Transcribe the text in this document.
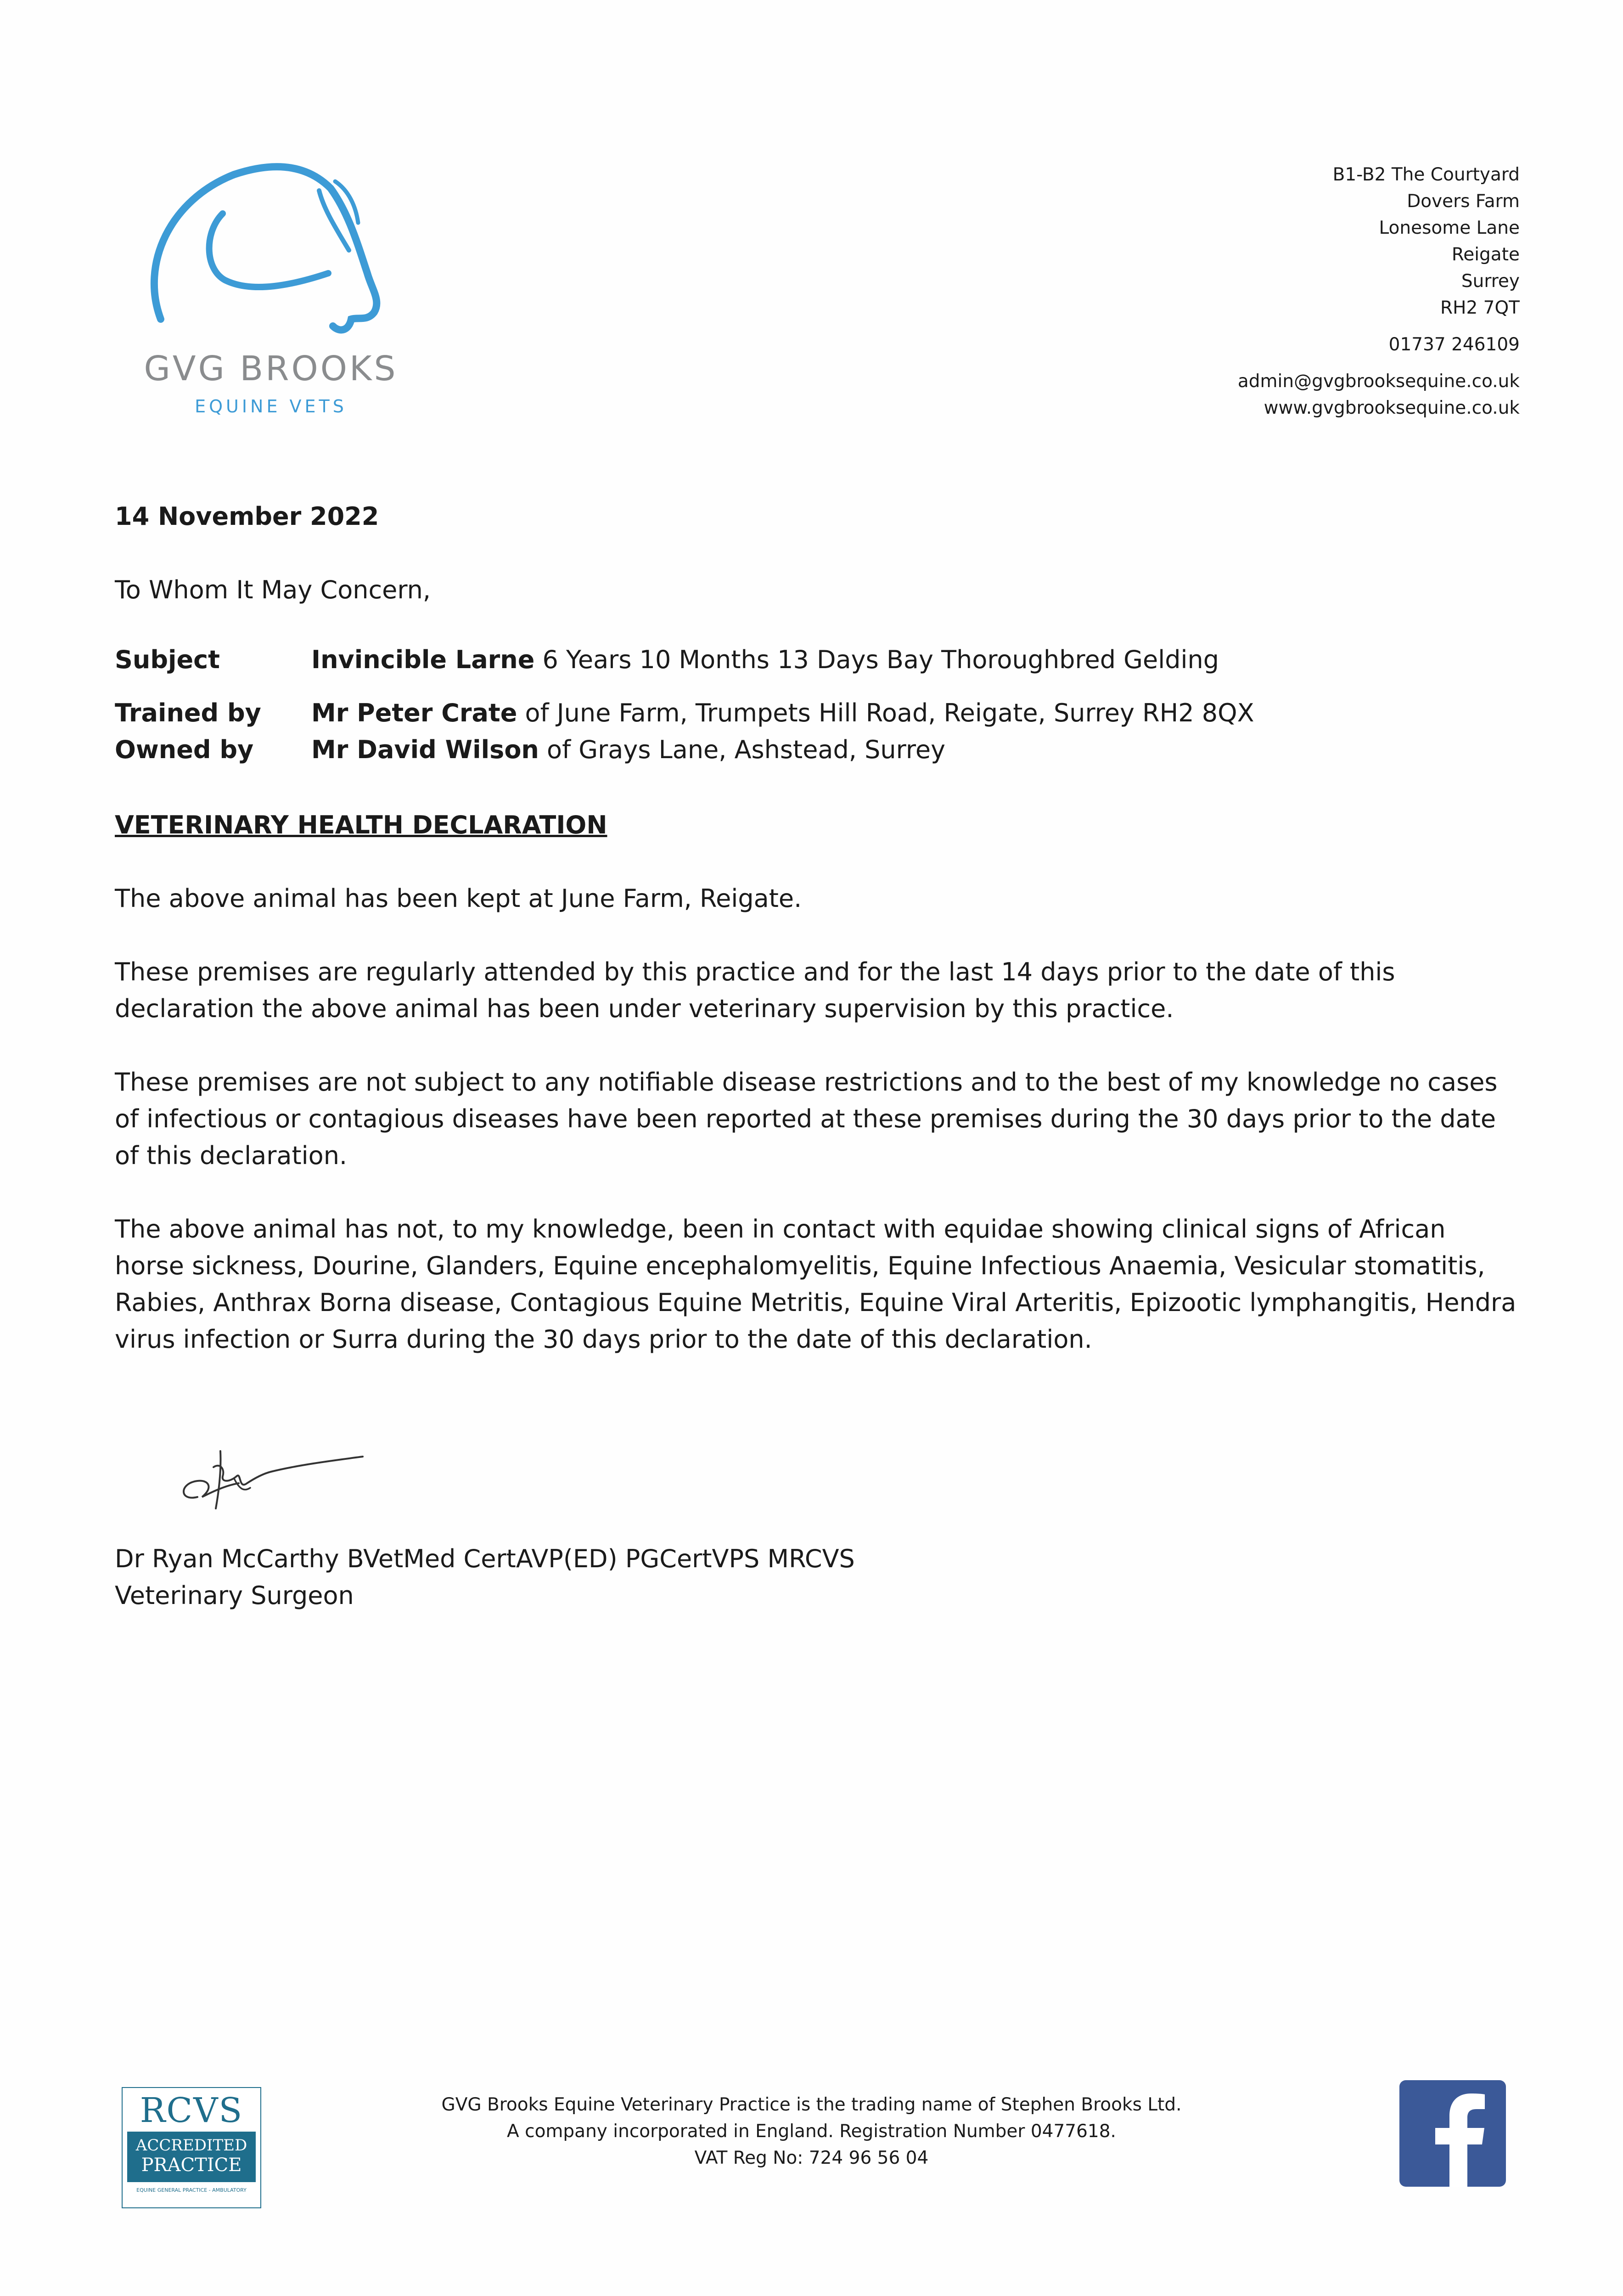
GVG BROOKS
EQUINE VETS
B1-B2 The Courtyard
Dovers Farm
Lonesome Lane
Reigate
Surrey
RH2 7QT
01737 246109
admin@gvgbrooksequine.co.uk
www.gvgbrooksequine.co.uk
14 November 2022
To Whom It May Concern,
Subject	Invincible Larne 6 Years 10 Months 13 Days Bay Thoroughbred Gelding
Trained by Mr Peter Crate of June Farm, Trumpets Hill Road, Reigate, Surrey RH2 8QX
Owned by Mr David Wilson of Grays Lane, Ashstead, Surrey
VETERINARY HEALTH DECLARATION
The above animal has been kept at June Farm, Reigate.
These premises are regularly attended by this practice and for the last 14 days prior to the date of this declaration the above animal has been under veterinary supervision by this practice.
These premises are not subject to any notifiable disease restrictions and to the best of my knowledge no cases of infectious or contagious diseases have been reported at these premises during the 30 days prior to the date of this declaration.
The above animal has not, to my knowledge, been in contact with equidae showing clinical signs of African horse sickness, Dourine, Glanders, Equine encephalomyelitis, Equine Infectious Anaemia, Vesicular stomatitis, Rabies, Anthrax Borna disease, Contagious Equine Metritis, Equine Viral Arteritis, Epizootic lymphangitis, Hendra virus infection or Surra during the 30 days prior to the date of this declaration.
Dr Ryan McCarthy BVetMed CertAVP(ED) PGCertVPS MRCVS
Veterinary Surgeon
RCVS
ACCREDITED
PRACTICE
EQUINE GENERAL PRACTICE - AMBULATORY
GVG Brooks Equine Veterinary Practice is the trading name of Stephen Brooks Ltd.
A company incorporated in England. Registration Number 0477618.
VAT Reg No: 724 96 56 04
